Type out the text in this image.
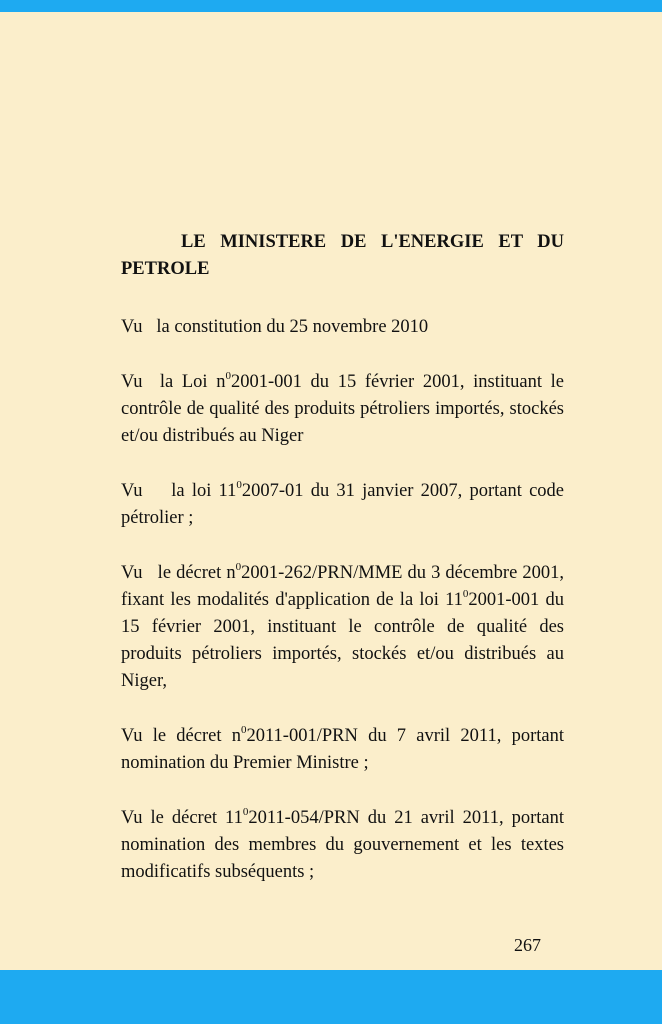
LE MINISTERE DE L'ENERGIE ET DU PETROLE

Vu   la constitution du 25 novembre 2010

Vu  la Loi $n^02001-001$ du 15 février 2001, instituant le contrôle de qualité des produits pétroliers importés, stockés et/ou distribués au Niger

Vu    la loi $11^02007-01$ du 31 janvier 2007, portant code pétrolier ;

Vu   le décret $n^02001-262/PRN$/MME du 3 décembre 2001, fixant les modalités d'application de la loi $11^02001-001$ du 15 février 2001, instituant le contrôle de qualité des produits pétroliers importés, stockés et/ou distribués au Niger,

Vu le décret $n^02011-001$/PRN du 7 avril 2011, portant nomination du Premier Ministre ;

Vu le décret $11^02011-054$/PRN du 21 avril 2011, portant nomination des membres du gouvernement et les textes modificatifs subséquents ;

267
